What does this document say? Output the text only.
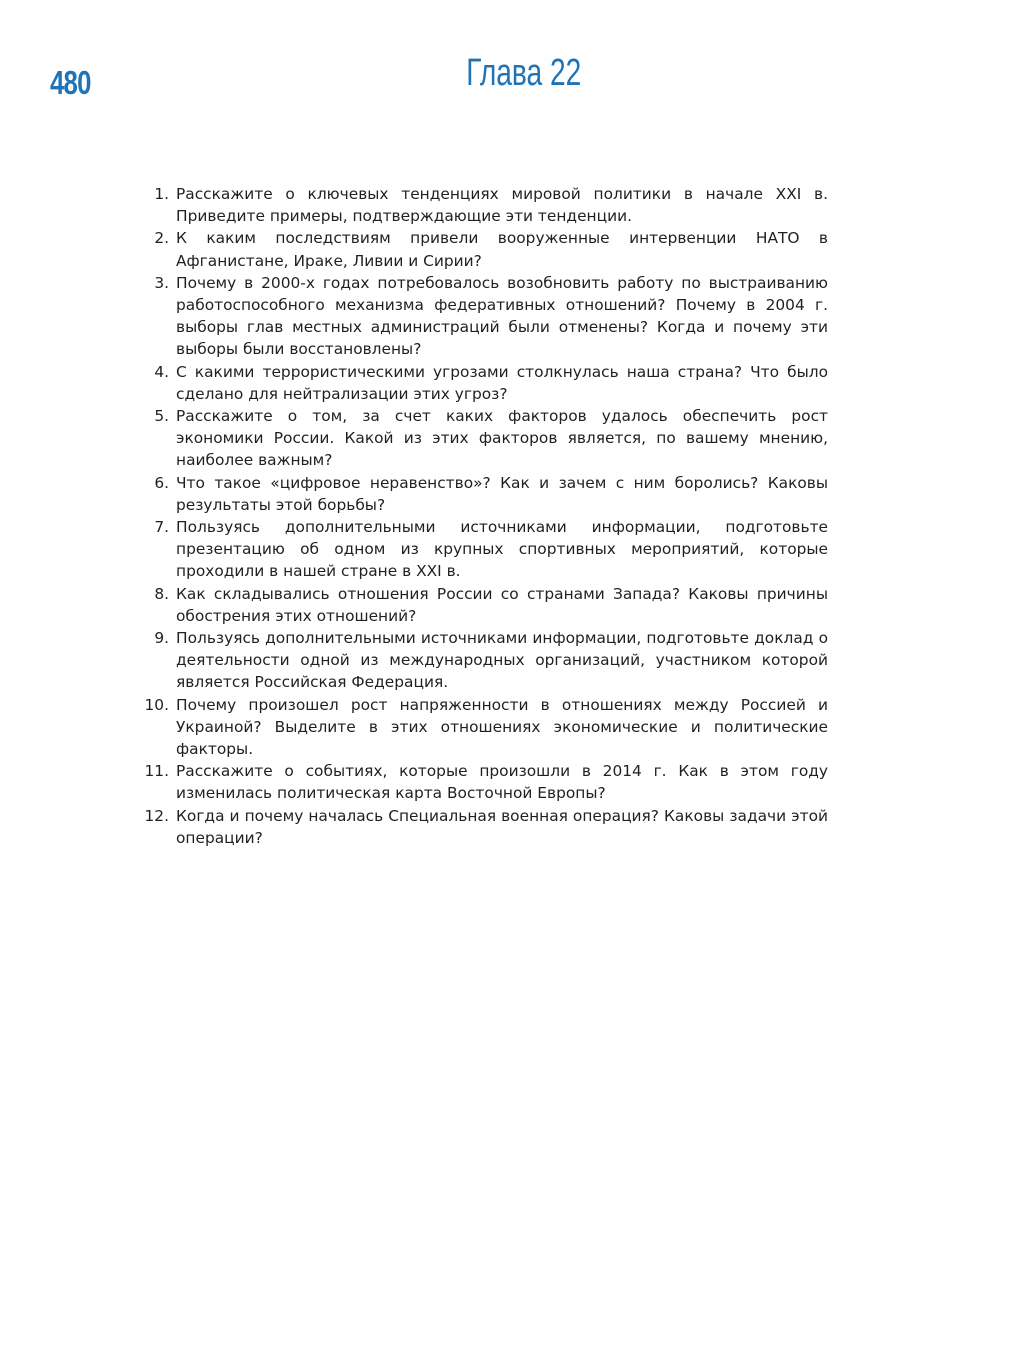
480	Глава 22
1. Расскажите о ключевых тенденциях мировой политики в начале XXI в. Приведите примеры, подтверждающие эти тенденции.
2. К каким последствиям привели вооруженные интервенции НАТО в Афганистане, Ираке, Ливии и Сирии?
3. Почему в 2000-х годах потребовалось возобновить работу по выстраиванию работоспособного механизма федеративных отношений? Почему в 2004 г. выборы глав местных администраций были отменены? Когда и почему эти выборы были восстановлены?
4. С какими террористическими угрозами столкнулась наша страна? Что было сделано для нейтрализации этих угроз?
5. Расскажите о том, за счет каких факторов удалось обеспечить рост экономики России. Какой из этих факторов является, по вашему мнению, наиболее важным?
6. Что такое «цифровое неравенство»? Как и зачем с ним боролись? Каковы результаты этой борьбы?
7. Пользуясь дополнительными источниками информации, подготовьте презентацию об одном из крупных спортивных мероприятий, которые проходили в нашей стране в XXI в.
8. Как складывались отношения России со странами Запада? Каковы причины обострения этих отношений?
9. Пользуясь дополнительными источниками информации, подготовьте доклад о деятельности одной из международных организаций, участником которой является Российская Федерация.
10. Почему произошел рост напряженности в отношениях между Россией и Украиной? Выделите в этих отношениях экономические и политические факторы.
11. Расскажите о событиях, которые произошли в 2014 г. Как в этом году изменилась политическая карта Восточной Европы?
12. Когда и почему началась Специальная военная операция? Каковы задачи этой операции?
